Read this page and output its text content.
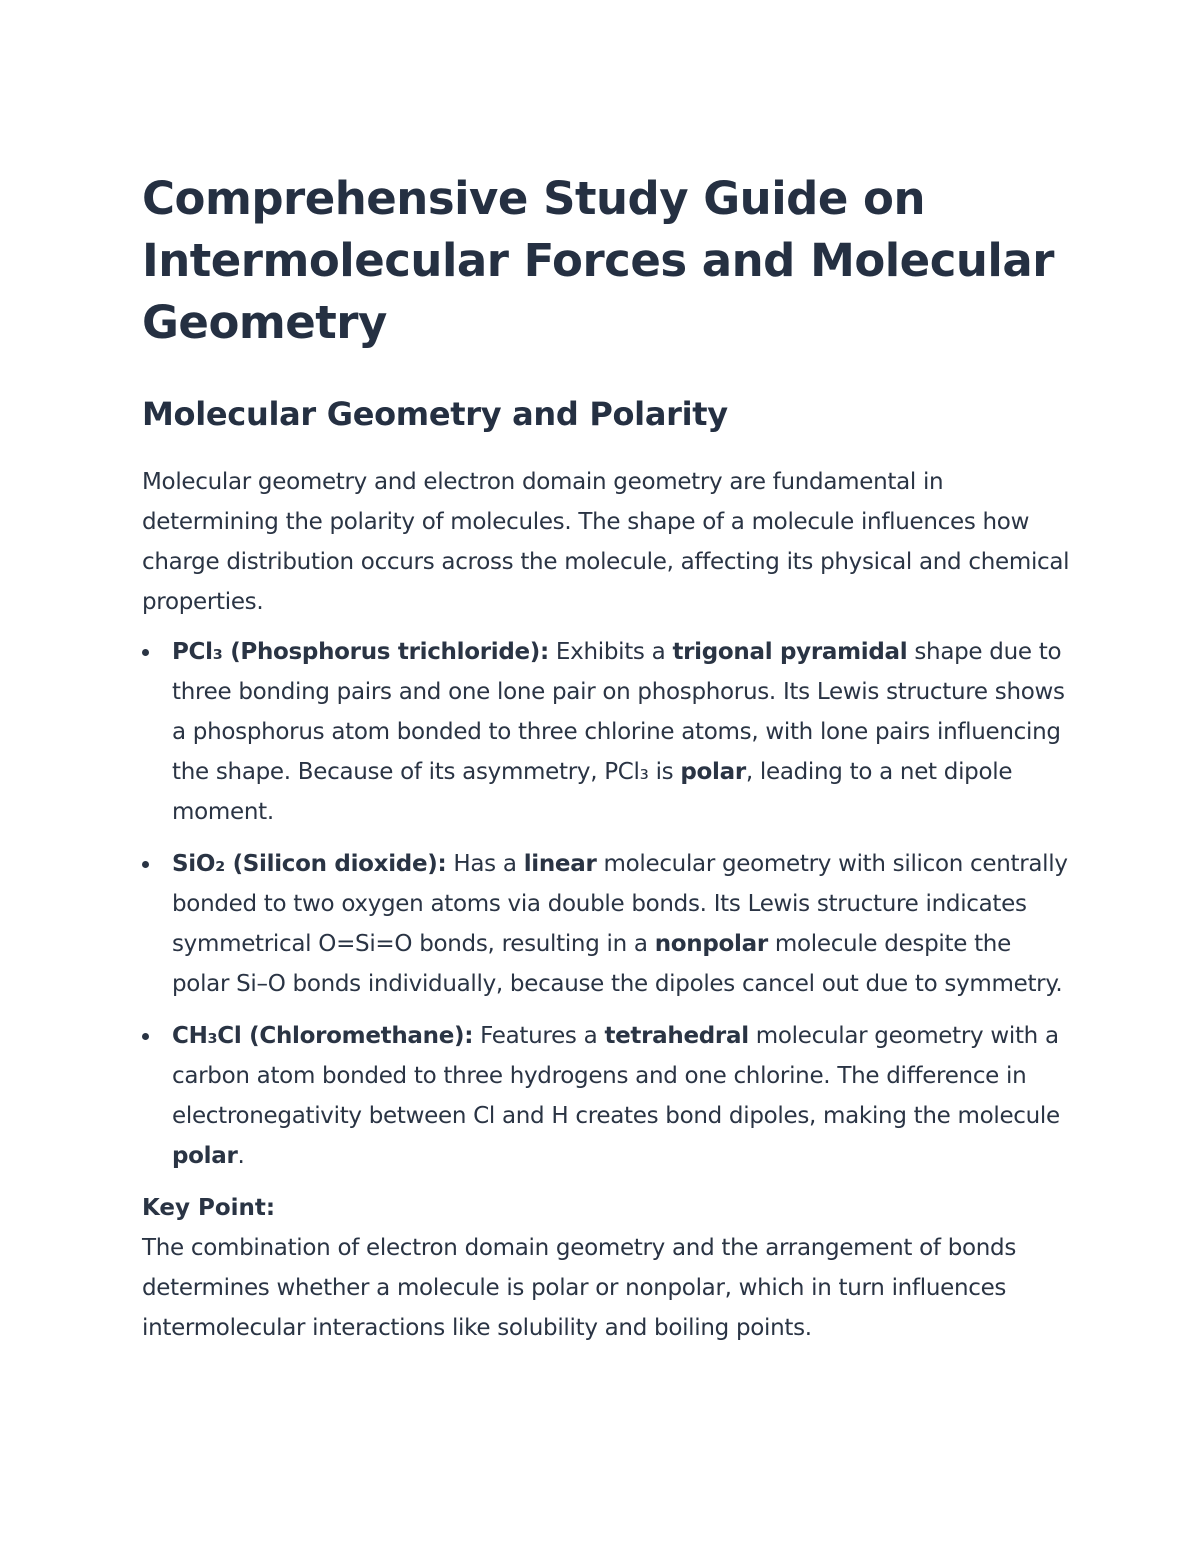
Comprehensive Study Guide on Intermolecular Forces and Molecular Geometry
Molecular Geometry and Polarity

Molecular geometry and electron domain geometry are fundamental in determining the polarity of molecules. The shape of a molecule influences how charge distribution occurs across the molecule, affecting its physical and chemical properties.

PCl₃ (Phosphorus trichloride): Exhibits a trigonal pyramidal shape due to three bonding pairs and one lone pair on phosphorus. Its Lewis structure shows a phosphorus atom bonded to three chlorine atoms, with lone pairs influencing the shape. Because of its asymmetry, PCl₃ is polar, leading to a net dipole moment.
SiO₂ (Silicon dioxide): Has a linear molecular geometry with silicon centrally bonded to two oxygen atoms via double bonds. Its Lewis structure indicates symmetrical O=Si=O bonds, resulting in a nonpolar molecule despite the polar Si–O bonds individually, because the dipoles cancel out due to symmetry.
CH₃Cl (Chloromethane): Features a tetrahedral molecular geometry with a carbon atom bonded to three hydrogens and one chlorine. The difference in electronegativity between Cl and H creates bond dipoles, making the molecule polar.
Key Point:

The combination of electron domain geometry and the arrangement of bonds determines whether a molecule is polar or nonpolar, which in turn influences intermolecular interactions like solubility and boiling points.
